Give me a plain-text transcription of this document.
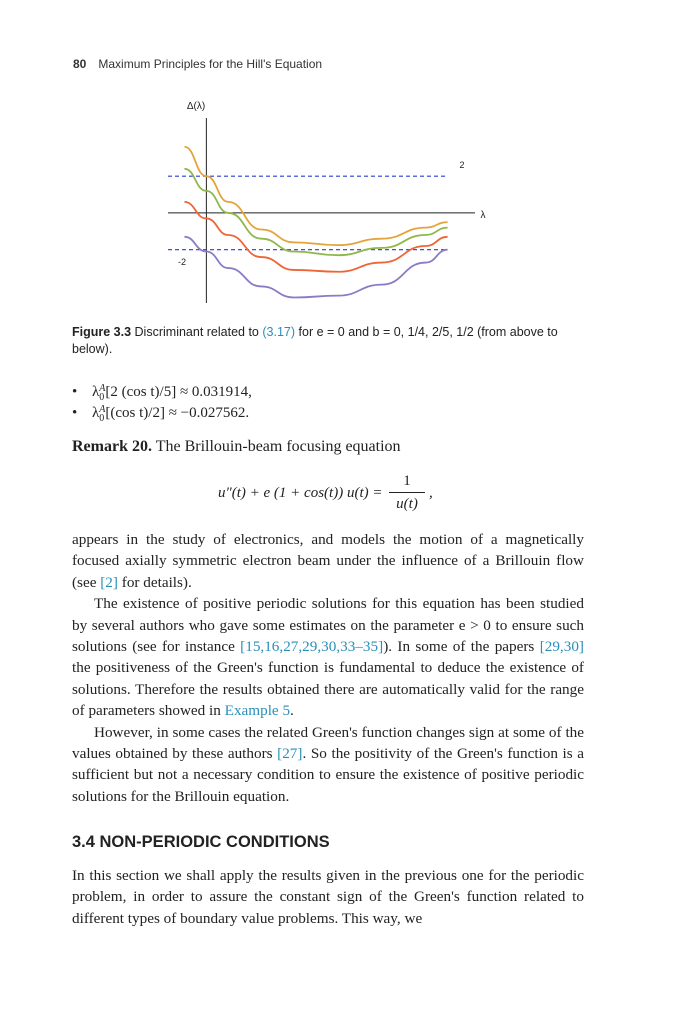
80 Maximum Principles for the Hill's Equation
Δ(λ)
λ
2
-2
Figure 3.3 Discriminant related to (3.17) for e = 0 and b = 0, 1/4, 2/5, 1/2 (from above to below).
• λ A
0 [2 (cos t)/5] ≈ 0.031914,
• λ A
0 [(cos t)/2] ≈ −0.027562.
Remark 20. The Brillouin-beam focusing equation
u″(t) + e (1 + cos(t)) u(t) =
1
u(t)
,

appears in the study of electronics, and models the motion of a magnetically focused axially symmetric electron beam under the influence of a Brillouin flow (see [2] for details).

The existence of positive periodic solutions for this equation has been studied by several authors who gave some estimates on the parameter e > 0 to ensure such solutions (see for instance [15,16,27,29,30,33–35]). In some of the papers [29,30] the positiveness of the Green's function is fundamental to deduce the existence of solutions. Therefore the results obtained there are automatically valid for the range of parameters showed in Example 5.

However, in some cases the related Green's function changes sign at some of the values obtained by these authors [27]. So the positivity of the Green's function is a sufficient but not a necessary condition to ensure the existence of positive periodic solutions for the Brillouin equation.

3.4 NON-PERIODIC CONDITIONS
In this section we shall apply the results given in the previous one for the periodic problem, in order to assure the constant sign of the Green's function related to different types of boundary value problems. This way, we
